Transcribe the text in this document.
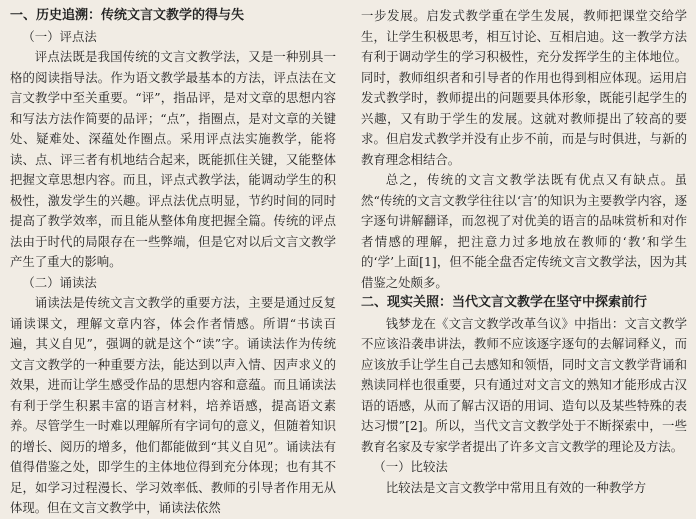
一、历史追溯：传统文言文教学的得与失
（一）评点法

评点法既是我国传统的文言文教学法，又是一种别具一格的阅读指导法。作为语文教学最基本的方法，评点法在文言文教学中至关重要。“评”，指品评，是对文章的思想内容和写法方法作简要的品评；“点”，指圈点，是对文章的关键处、疑难处、深蕴处作圈点。采用评点法实施教学，能将读、点、评三者有机地结合起来，既能抓住关键，又能整体把握文章思想内容。而且，评点式教学法，能调动学生的积极性，激发学生的兴趣。评点法优点明显，节约时间的同时提高了教学效率，而且能从整体角度把握全篇。传统的评点法由于时代的局限存在一些弊端，但是它对以后文言文教学产生了重大的影响。

（二）诵读法

诵读法是传统文言文教学的重要方法，主要是通过反复诵读课文，理解文章内容，体会作者情感。所谓“书读百遍，其义自见”，强调的就是这个“读”字。诵读法作为传统文言文教学的一种重要方法，能达到以声入情、因声求义的效果，进而让学生感受作品的思想内容和意蕴。而且诵读法有利于学生积累丰富的语言材料，培养语感，提高语文素养。尽管学生一时难以理解所有字词句的意义，但随着知识的增长、阅历的增多，他们都能做到“其义自见”。诵读法有值得借鉴之处，即学生的主体地位得到充分体现；也有其不足，如学习过程漫长、学习效率低、教师的引导者作用无从体现。但在文言文教学中，诵读法依然

一步发展。启发式教学重在学生发展，教师把课堂交给学生，让学生积极思考，相互讨论、互相启迪。这一教学方法有利于调动学生的学习积极性，充分发挥学生的主体地位。同时，教师组织者和引导者的作用也得到相应体现。运用启发式教学时，教师提出的问题要具体形象，既能引起学生的兴趣，又有助于学生的发展。这就对教师提出了较高的要求。但启发式教学并没有止步不前，而是与时俱进，与新的教育理念相结合。

总之，传统的文言文教学法既有优点又有缺点。虽然“传统的文言文教学往往以‘言’的知识为主要教学内容，逐字逐句讲解翻译，而忽视了对优美的语言的品味赏析和对作者情感的理解，把注意力过多地放在教师的‘教’和学生的‘学’上面[1]，但不能全盘否定传统文言文教学法，因为其借鉴之处颇多。

二、现实关照：当代文言文教学在坚守中探索前行

钱梦龙在《文言文教学改革刍议》中指出：文言文教学不应该沿袭串讲法，教师不应该逐字逐句的去解词释义，而应该放手让学生自己去感知和领悟，同时文言文教学背诵和熟读同样也很重要，只有通过对文言文的熟知才能形成古汉语的语感，从而了解古汉语的用词、造句以及某些特殊的表达习惯”[2]。所以，当代文言文教学处于不断探索中，一些教育名家及专家学者提出了许多文言文教学的理论及方法。

（一）比较法

比较法是文言文教学中常用且有效的一种教学方
